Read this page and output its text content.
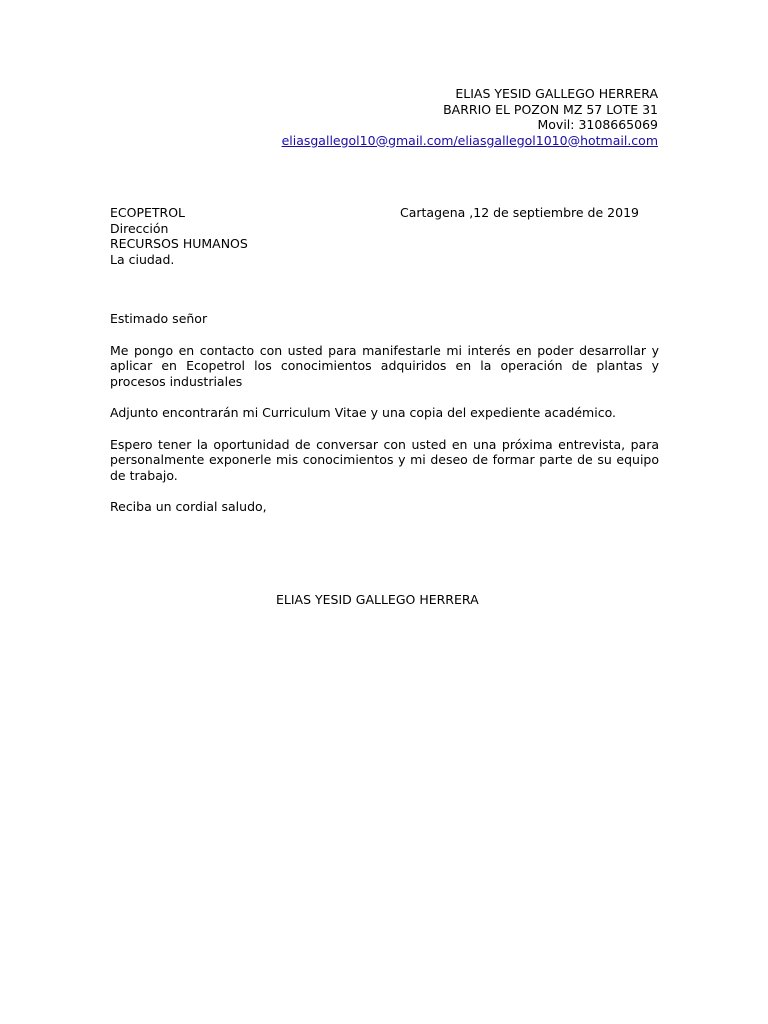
ELIAS YESID GALLEGO HERRERA
BARRIO EL POZON MZ 57 LOTE 31
Movil: 3108665069
eliasgallegol10@gmail.com/eliasgallegol1010@hotmail.com
ECOPETROL
Dirección
RECURSOS HUMANOS
La ciudad.
Cartagena ,12 de septiembre de 2019

Estimado señor

Me pongo en contacto con usted para manifestarle mi interés en poder desarrollar y aplicar en Ecopetrol los conocimientos adquiridos en la operación de plantas y procesos industriales

Adjunto encontrarán mi Curriculum Vitae y una copia del expediente académico.

Espero tener la oportunidad de conversar con usted en una próxima entrevista, para personalmente exponerle mis conocimientos y mi deseo de formar parte de su equipo de trabajo.

Reciba un cordial saludo,

ELIAS YESID GALLEGO HERRERA
